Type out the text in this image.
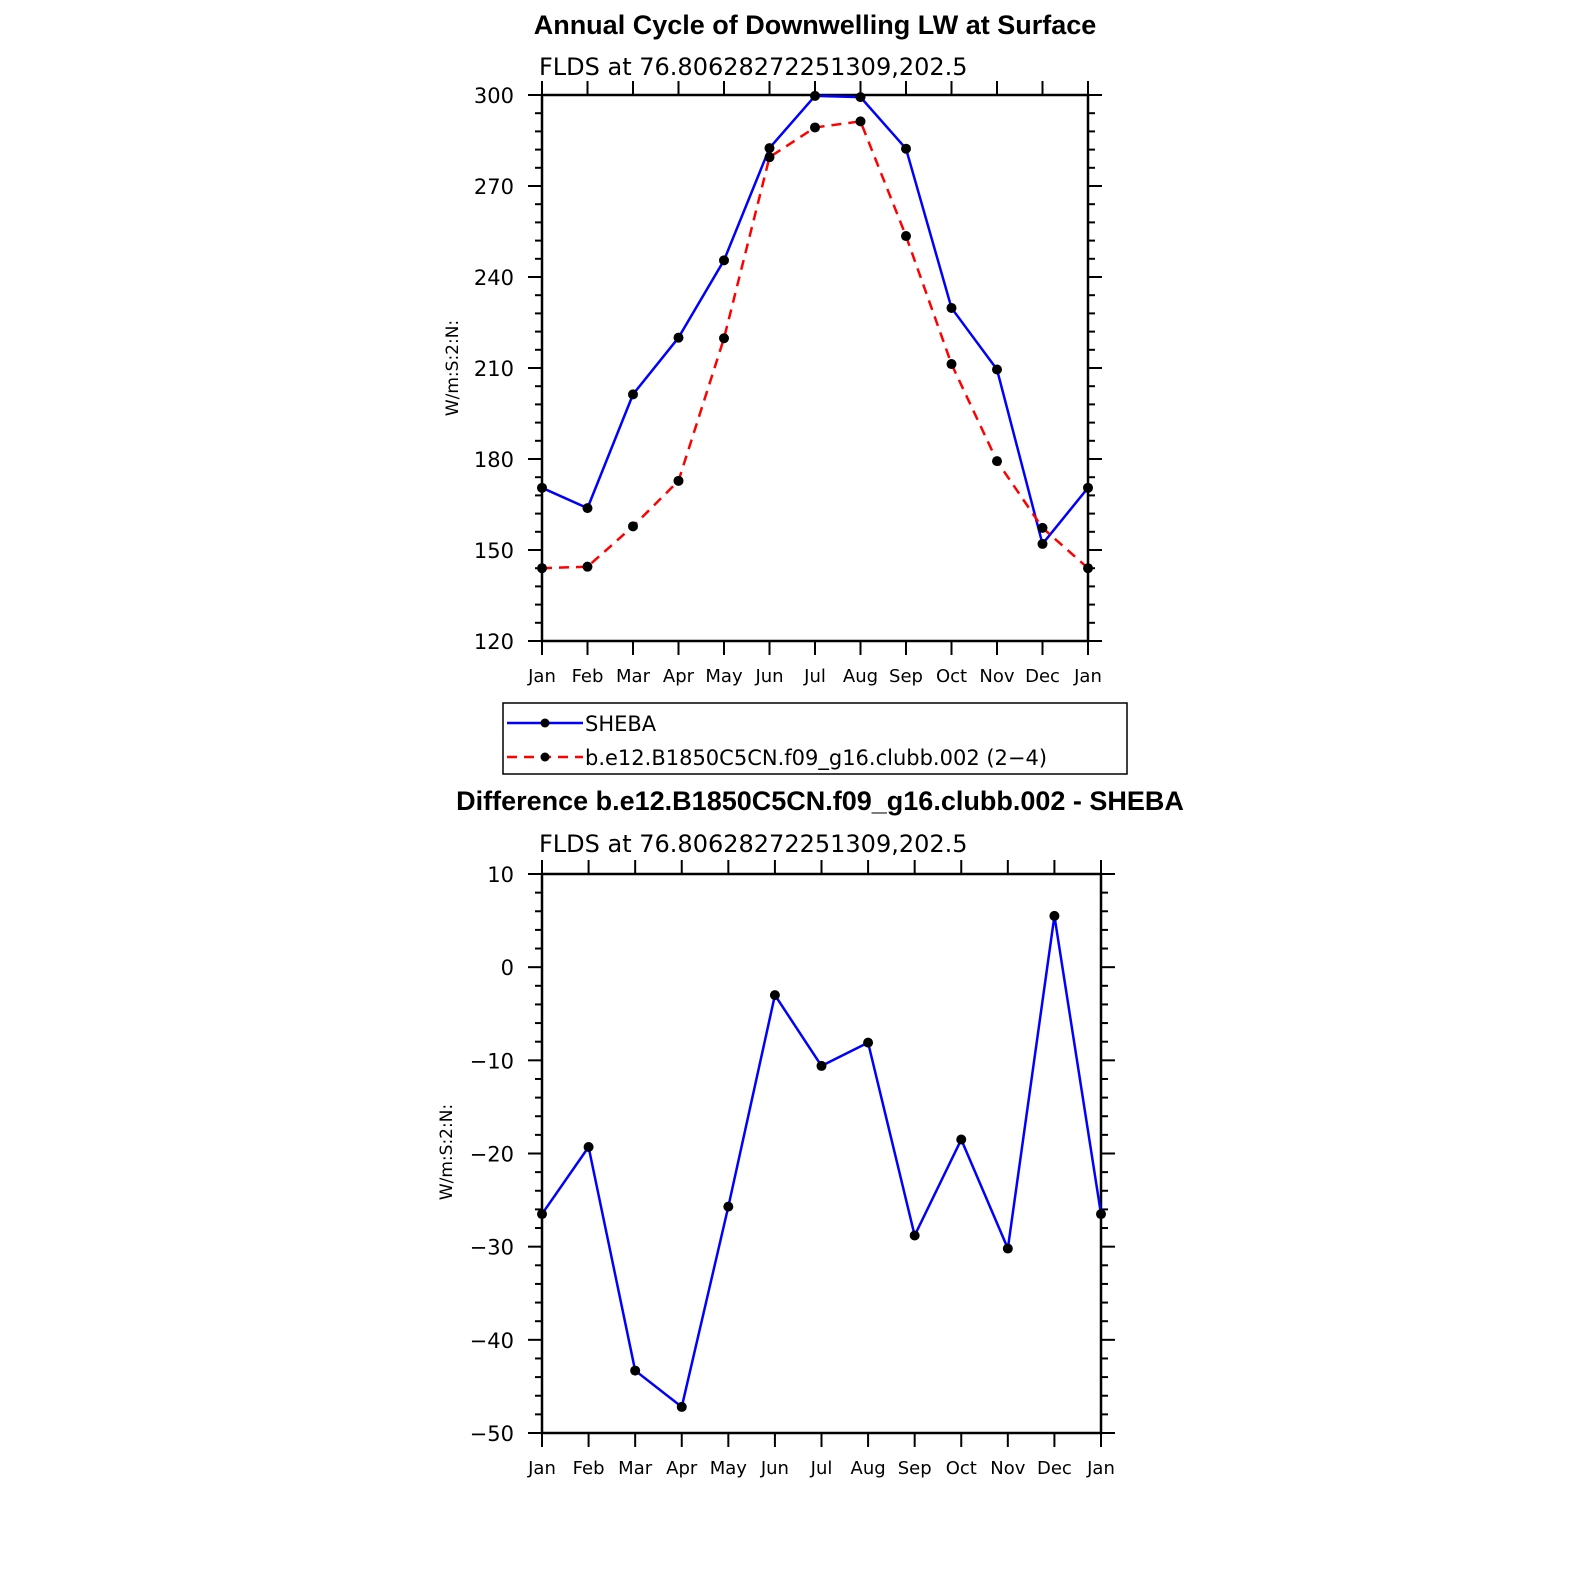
Annual Cycle of Downwelling LW at Surface
FLDS at 76.80628272251309,202.5
W/m:S:2:N:
120
150
180
210
240
270
300
Jan Feb Mar Apr May Jun Jul Aug Sep Oct Nov Dec Jan
SHEBA
b.e12.B1850C5CN.f09_g16.clubb.002 (2−4)
Difference b.e12.B1850C5CN.f09_g16.clubb.002 - SHEBA
FLDS at 76.80628272251309,202.5
W/m:S:2:N:
−50
−40
−30
−20
−10
0
10
Jan Feb Mar Apr May Jun Jul Aug Sep Oct Nov Dec Jan
